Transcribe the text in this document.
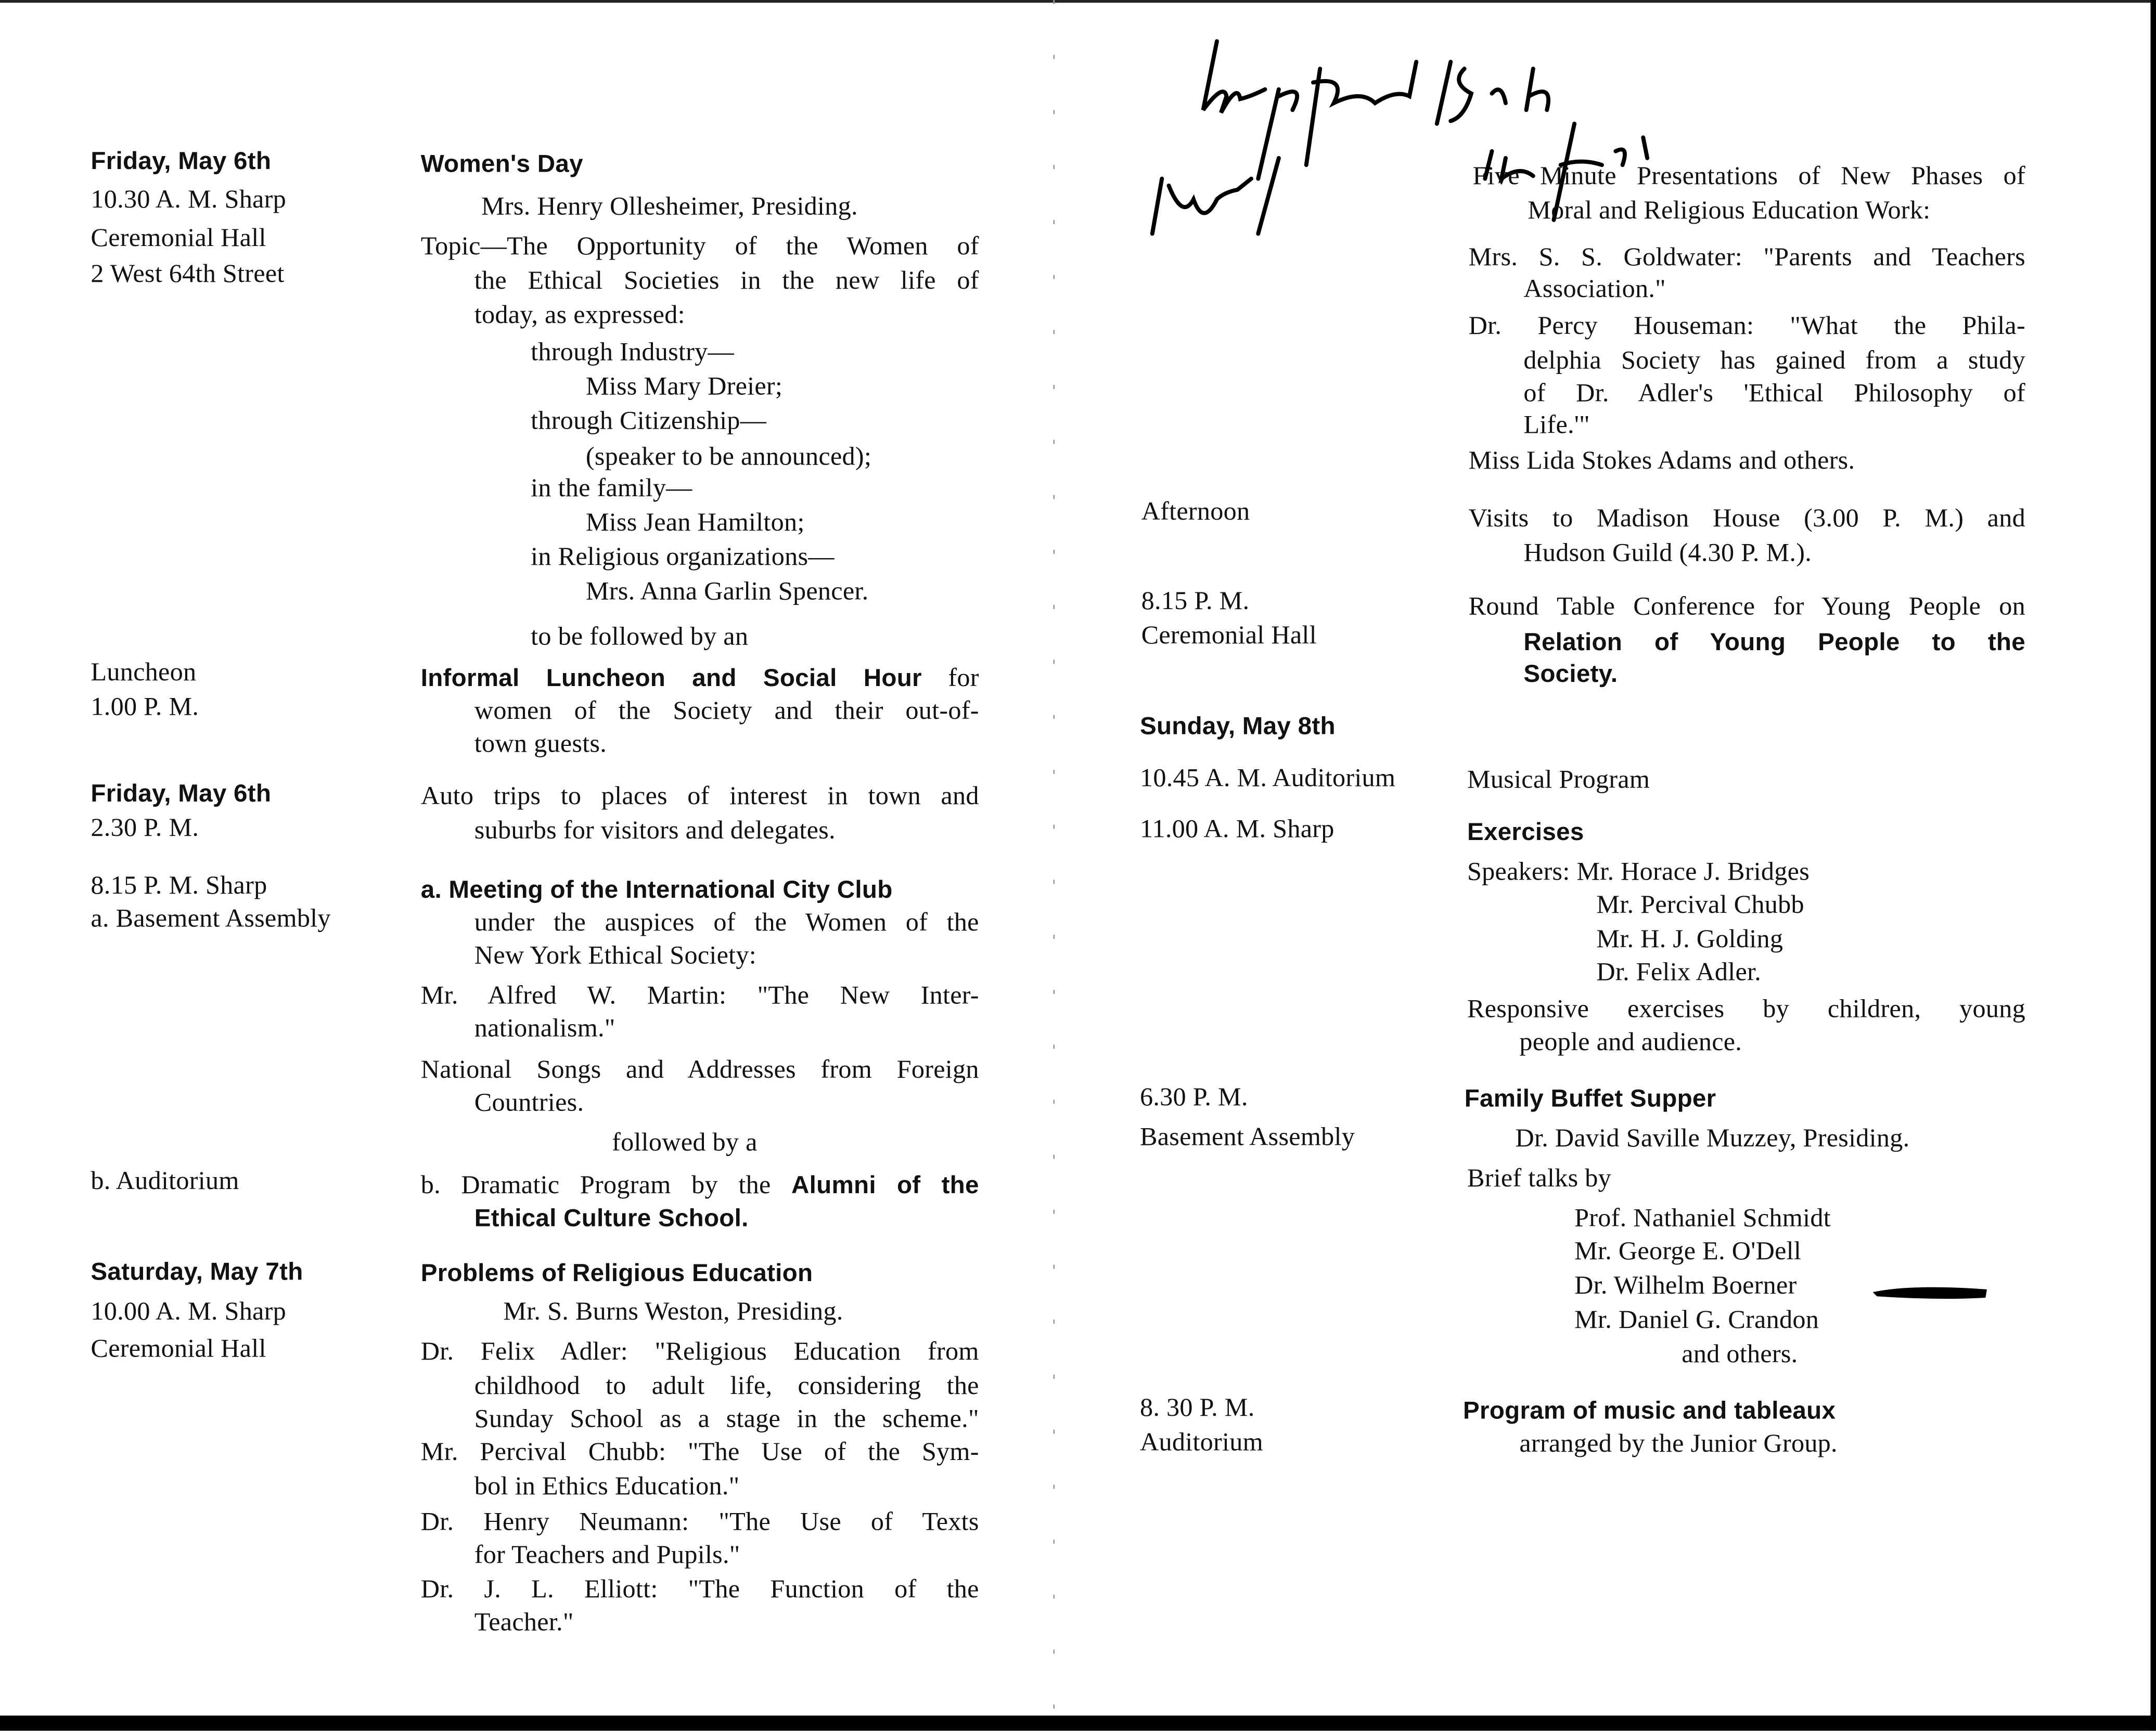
Friday, May 6th
10.30 A. M. Sharp
Ceremonial Hall
2 West 64th Street
Luncheon
1.00 P. M.
Friday, May 6th
2.30 P. M.
8.15 P. M. Sharp
a. Basement Assembly
b. Auditorium
Saturday, May 7th
10.00 A. M. Sharp
Ceremonial Hall
Women's Day
Mrs. Henry Ollesheimer, Presiding.
Topic—The Opportunity of the Women of
the Ethical Societies in the new life of
today, as expressed:
through Industry—
Miss Mary Dreier;
through Citizenship—
(speaker to be announced);
in the family—
Miss Jean Hamilton;
in Religious organizations—
Mrs. Anna Garlin Spencer.
to be followed by an
Informal Luncheon and Social Hour for
women of the Society and their out-of-
town guests.
Auto trips to places of interest in town and
suburbs for visitors and delegates.
a. Meeting of the International City Club
under the auspices of the Women of the
New York Ethical Society:
Mr. Alfred W. Martin: "The New Inter-
nationalism."
National Songs and Addresses from Foreign
Countries.
followed by a
b. Dramatic Program by the Alumni of the
Ethical Culture School.
Problems of Religious Education
Mr. S. Burns Weston, Presiding.
Dr. Felix Adler: "Religious Education from
childhood to adult life, considering the
Sunday School as a stage in the scheme."
Mr. Percival Chubb: "The Use of the Sym-
bol in Ethics Education."
Dr. Henry Neumann: "The Use of Texts
for Teachers and Pupils."
Dr. J. L. Elliott: "The Function of the
Teacher."
Afternoon
8.15 P. M.
Ceremonial Hall
Sunday, May 8th
10.45 A. M. Auditorium
11.00 A. M. Sharp
6.30 P. M.
Basement Assembly
8. 30 P. M.
Auditorium
Five Minute Presentations of New Phases of
Moral and Religious Education Work:
Mrs. S. S. Goldwater: "Parents and Teachers
Association."
Dr. Percy Houseman: "What the Phila-
delphia Society has gained from a study
of Dr. Adler's 'Ethical Philosophy of
Life.'"
Miss Lida Stokes Adams and others.
Visits to Madison House (3.00 P. M.) and
Hudson Guild (4.30 P. M.).
Round Table Conference for Young People on
Relation of Young People to the
Society.
Musical Program
Exercises
Speakers: Mr. Horace J. Bridges
Mr. Percival Chubb
Mr. H. J. Golding
Dr. Felix Adler.
Responsive exercises by children, young
people and audience.
Family Buffet Supper
Dr. David Saville Muzzey, Presiding.
Brief talks by
Prof. Nathaniel Schmidt
Mr. George E. O'Dell
Dr. Wilhelm Boerner
Mr. Daniel G. Crandon
and others.
Program of music and tableaux
arranged by the Junior Group.
